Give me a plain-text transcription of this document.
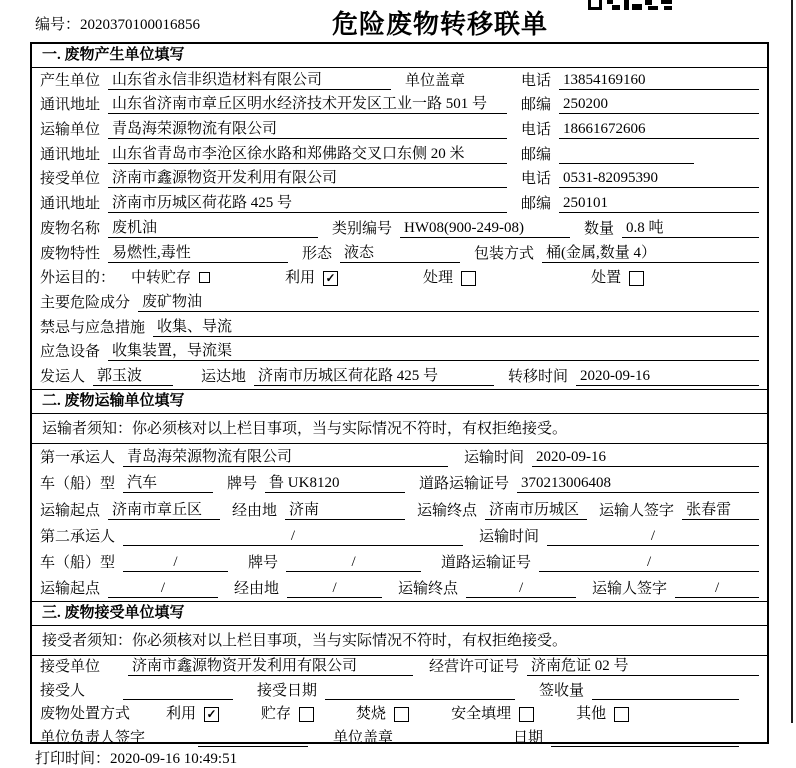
编号：2020370100016856	危险废物转移联单
一. 废物产生单位填写
产生单位 山东省永信非织造材料有限公司	单位盖章	电话 13854169160
通讯地址 山东省济南市章丘区明水经济技术开发区工业一路 501 号	邮编 250200
运输单位 青岛海荣源物流有限公司	电话 18661672606
通讯地址 山东省青岛市李沧区徐水路和郑佛路交叉口东侧 20 米	邮编
接受单位 济南市鑫源物资开发利用有限公司	电话 0531-82095390
通讯地址 济南市历城区荷花路 425 号	邮编 250101
废物名称 废机油	类别编号 HW08(900-249-08)	数量 0.8 吨
废物特性 易燃性,毒性	形态 液态	包装方式 桶(金属,数量 4）
外运目的： 中转贮存	利用 ✓	处理	处置
主要危险成分 废矿物油
禁忌与应急措施 收集、导流
应急设备 收集装置，导流渠
发运人 郭玉波	运达地 济南市历城区荷花路 425 号	转移时间 2020-09-16
二. 废物运输单位填写
运输者须知：你必须核对以上栏目事项，当与实际情况不符时，有权拒绝接受。
第一承运人 青岛海荣源物流有限公司	运输时间 2020-09-16
车（船）型 汽车	牌号 鲁 UK8120	道路运输证号 370213006408
运输起点 济南市章丘区	经由地 济南	运输终点 济南市历城区	运输人签字 张春雷
第二承运人	/	运输时间	/
车（船）型	/	牌号	/	道路运输证号	/
运输起点	/	经由地	/	运输终点	/	运输人签字	/
三. 废物接受单位填写
接受者须知：你必须核对以上栏目事项，当与实际情况不符时，有权拒绝接受。
接受单位 济南市鑫源物资开发利用有限公司	经营许可证号 济南危证 02 号
接受人	接受日期	签收量
废物处置方式 利用 ✓	贮存	焚烧	安全填埋	其他
单位负责人签字	单位盖章	日期
打印时间：2020-09-16 10:49:51
